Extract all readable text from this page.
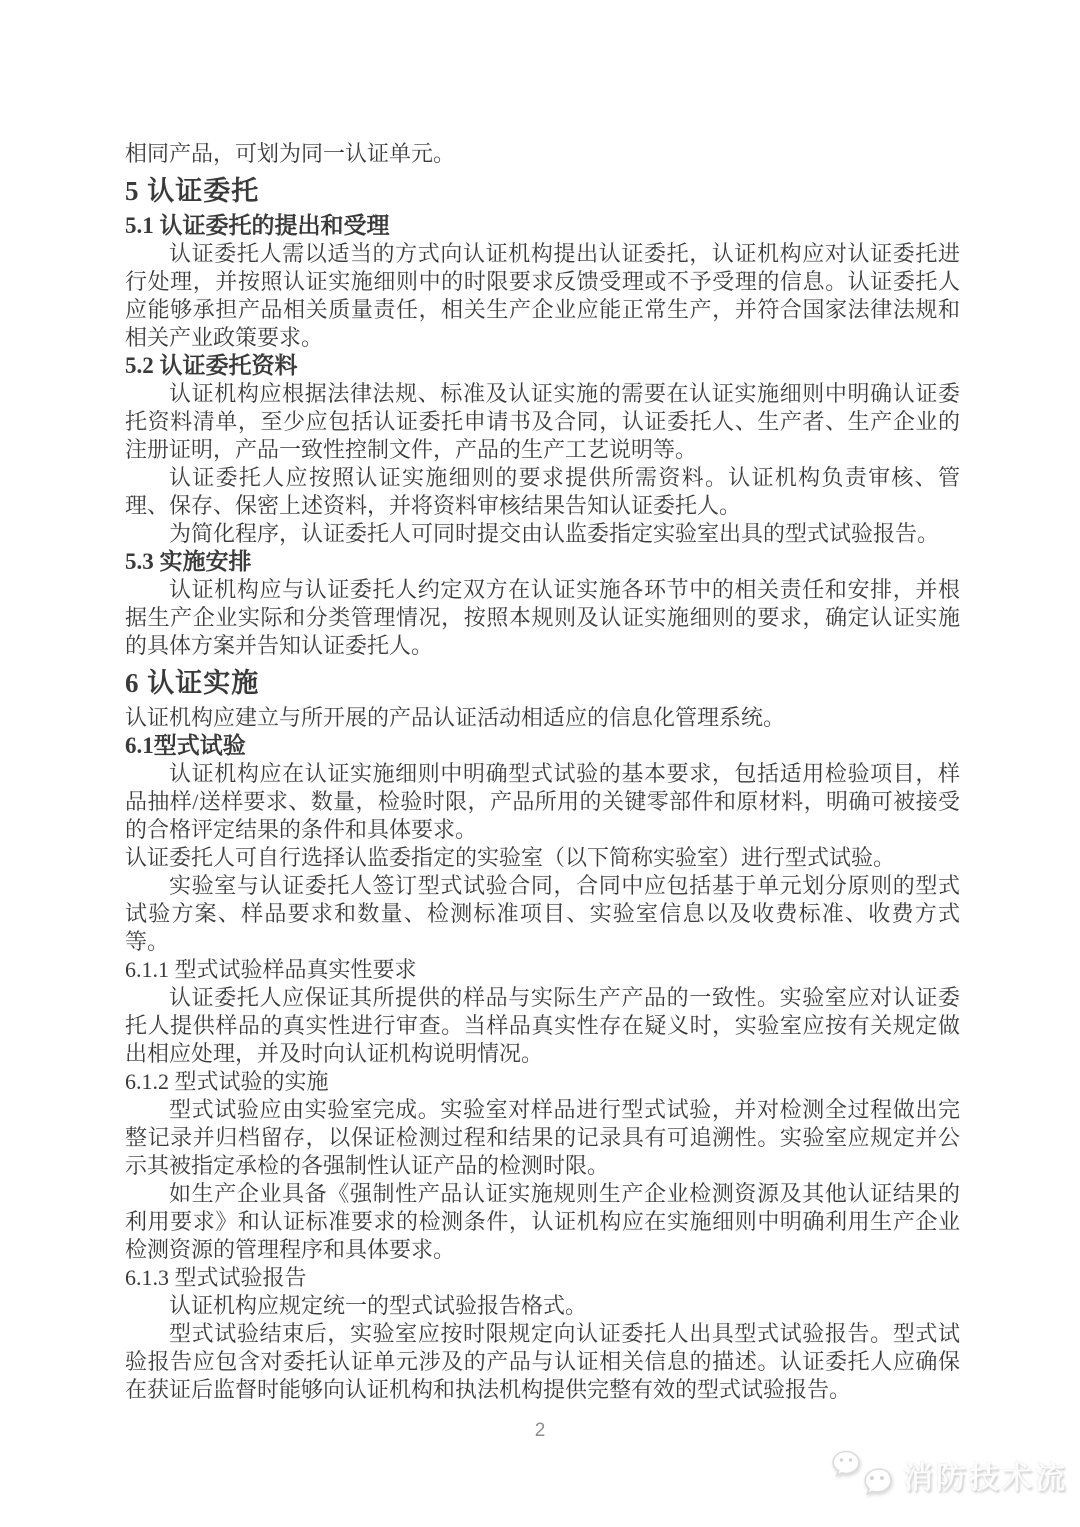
相同产品，可划为同一认证单元。

5 认证委托
5.1 认证委托的提出和受理

认证委托人需以适当的方式向认证机构提出认证委托，认证机构应对认证委托进行处理，并按照认证实施细则中的时限要求反馈受理或不予受理的信息。认证委托人应能够承担产品相关质量责任，相关生产企业应能正常生产，并符合国家法律法规和相关产业政策要求。

5.2 认证委托资料

认证机构应根据法律法规、标准及认证实施的需要在认证实施细则中明确认证委托资料清单，至少应包括认证委托申请书及合同，认证委托人、生产者、生产企业的注册证明，产品一致性控制文件，产品的生产工艺说明等。

认证委托人应按照认证实施细则的要求提供所需资料。认证机构负责审核、管理、保存、保密上述资料，并将资料审核结果告知认证委托人。

为简化程序，认证委托人可同时提交由认监委指定实验室出具的型式试验报告。

5.3 实施安排

认证机构应与认证委托人约定双方在认证实施各环节中的相关责任和安排，并根据生产企业实际和分类管理情况，按照本规则及认证实施细则的要求，确定认证实施的具体方案并告知认证委托人。

6 认证实施

认证机构应建立与所开展的产品认证活动相适应的信息化管理系统。

6.1型式试验

认证机构应在认证实施细则中明确型式试验的基本要求，包括适用检验项目，样品抽样/送样要求、数量，检验时限，产品所用的关键零部件和原材料，明确可被接受的合格评定结果的条件和具体要求。

认证委托人可自行选择认监委指定的实验室（以下简称实验室）进行型式试验。

实验室与认证委托人签订型式试验合同，合同中应包括基于单元划分原则的型式试验方案、样品要求和数量、检测标准项目、实验室信息以及收费标准、收费方式等。

6.1.1 型式试验样品真实性要求

认证委托人应保证其所提供的样品与实际生产产品的一致性。实验室应对认证委托人提供样品的真实性进行审查。当样品真实性存在疑义时，实验室应按有关规定做出相应处理，并及时向认证机构说明情况。

6.1.2 型式试验的实施

型式试验应由实验室完成。实验室对样品进行型式试验，并对检测全过程做出完整记录并归档留存，以保证检测过程和结果的记录具有可追溯性。实验室应规定并公示其被指定承检的各强制性认证产品的检测时限。

如生产企业具备《强制性产品认证实施规则生产企业检测资源及其他认证结果的利用要求》和认证标准要求的检测条件，认证机构应在实施细则中明确利用生产企业检测资源的管理程序和具体要求。

6.1.3 型式试验报告

认证机构应规定统一的型式试验报告格式。

型式试验结束后，实验室应按时限规定向认证委托人出具型式试验报告。型式试验报告应包含对委托认证单元涉及的产品与认证相关信息的描述。认证委托人应确保在获证后监督时能够向认证机构和执法机构提供完整有效的型式试验报告。

2
消防技术流
